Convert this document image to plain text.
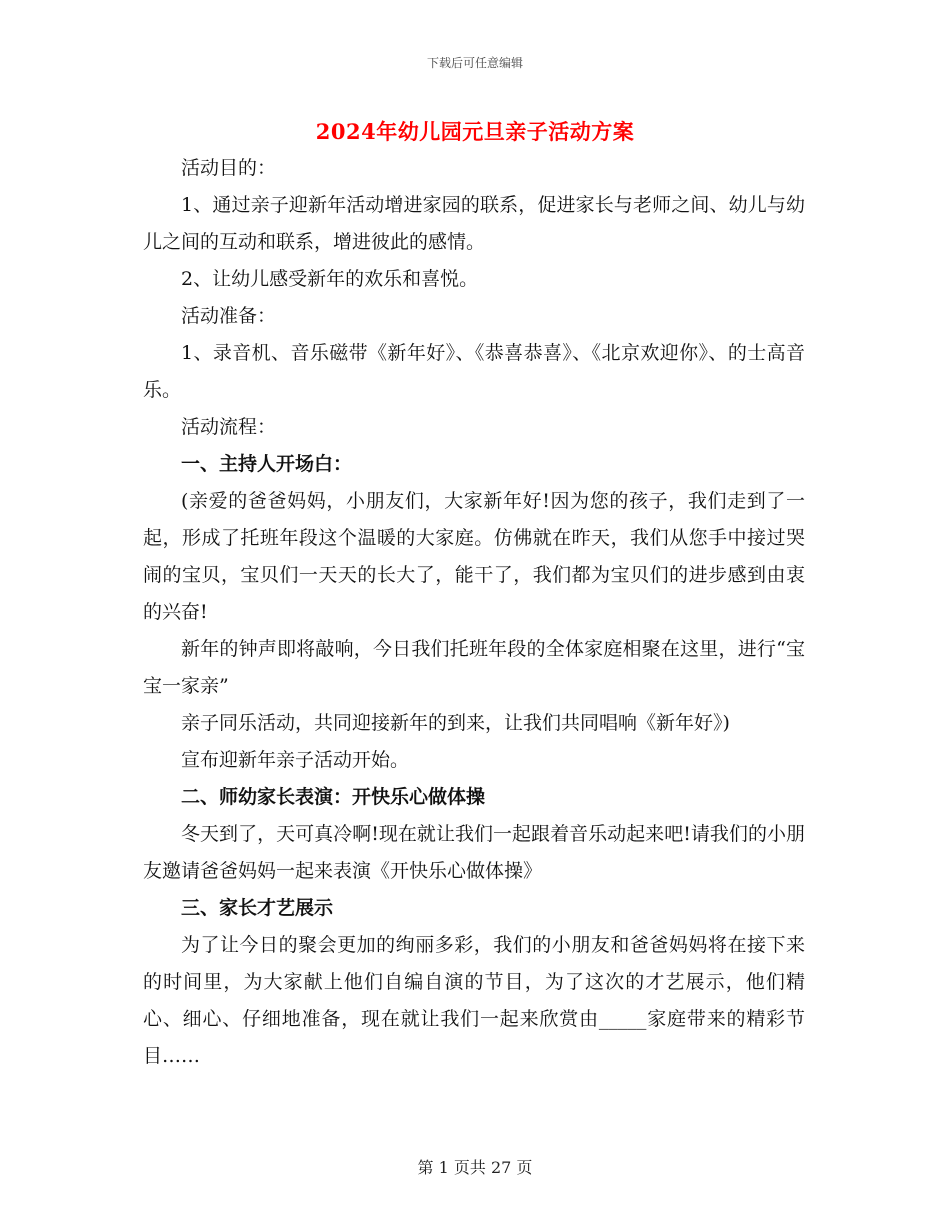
下载后可任意编辑
2024年幼儿园元旦亲子活动方案

活动目的：

1、通过亲子迎新年活动增进家园的联系，促进家长与老师之间、幼儿与幼儿之间的互动和联系，增进彼此的感情。

2、让幼儿感受新年的欢乐和喜悦。

活动准备：

1、录音机、音乐磁带《新年好》、《恭喜恭喜》、《北京欢迎你》、的士高音乐。

活动流程：

一、主持人开场白：

(亲爱的爸爸妈妈，小朋友们，大家新年好!因为您的孩子，我们走到了一起，形成了托班年段这个温暖的大家庭。仿佛就在昨天，我们从您手中接过哭闹的宝贝，宝贝们一天天的长大了，能干了，我们都为宝贝们的进步感到由衷的兴奋!

新年的钟声即将敲响，今日我们托班年段的全体家庭相聚在这里，进行“宝宝一家亲”

亲子同乐活动，共同迎接新年的到来，让我们共同唱响《新年好》)

宣布迎新年亲子活动开始。

二、师幼家长表演：开快乐心做体操

冬天到了，天可真冷啊!现在就让我们一起跟着音乐动起来吧!请我们的小朋友邀请爸爸妈妈一起来表演《开快乐心做体操》

三、家长才艺展示

为了让今日的聚会更加的绚丽多彩，我们的小朋友和爸爸妈妈将在接下来的时间里，为大家献上他们自编自演的节目，为了这次的才艺展示，他们精心、细心、仔细地准备，现在就让我们一起来欣赏由_____家庭带来的精彩节目……

第 1 页共 27 页
